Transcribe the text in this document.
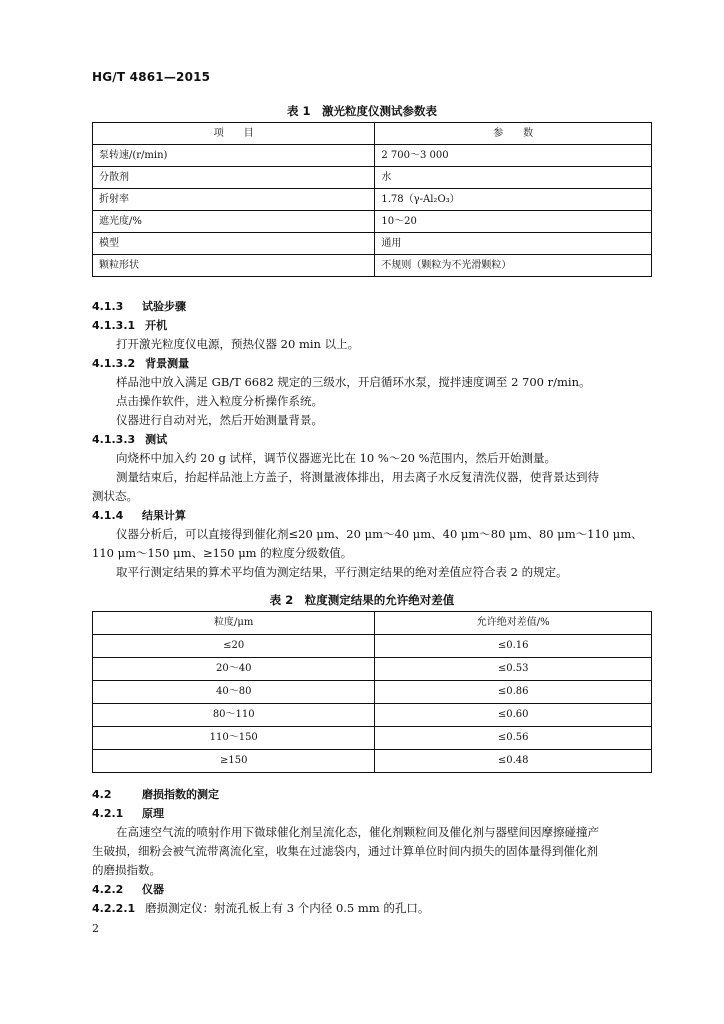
HG/T 4861—2015
表 1　激光粒度仪测试参数表
项　　目	参　　数
泵转速/(r/min)	2 700～3 000
分散剂	水
折射率	1.78（γ-Al₂O₃）
遮光度/%	10～20
模型	通用
颗粒形状	不规则（颗粒为不光滑颗粒）
4.1.3 试验步骤
4.1.3.1 开机
打开激光粒度仪电源，预热仪器 20 min 以上。
4.1.3.2 背景测量
样品池中放入满足 GB/T 6682 规定的三级水，开启循环水泵，搅拌速度调至 2 700 r/min。
点击操作软件，进入粒度分析操作系统。
仪器进行自动对光，然后开始测量背景。
4.1.3.3 测试
向烧杯中加入约 20 g 试样，调节仪器遮光比在 10 %～20 %范围内，然后开始测量。
测量结束后，抬起样品池上方盖子，将测量液体排出，用去离子水反复清洗仪器，使背景达到待
测状态。
4.1.4 结果计算
仪器分析后，可以直接得到催化剂≤20 μm、20 μm～40 μm、40 μm～80 μm、80 μm～110 μm、
110 μm～150 μm、≥150 μm 的粒度分级数值。
取平行测定结果的算术平均值为测定结果，平行测定结果的绝对差值应符合表 2 的规定。
表 2　粒度测定结果的允许绝对差值
粒度/μm	允许绝对差值/%
≤20	≤0.16
20～40	≤0.53
40～80	≤0.86
80～110	≤0.60
110～150	≤0.56
≥150	≤0.48
4.2	磨损指数的测定
4.2.1 原理
在高速空气流的喷射作用下微球催化剂呈流化态，催化剂颗粒间及催化剂与器壁间因摩擦碰撞产
生破损，细粉会被气流带离流化室，收集在过滤袋内，通过计算单位时间内损失的固体量得到催化剂
的磨损指数。
4.2.2 仪器
4.2.2.1 磨损测定仪：射流孔板上有 3 个内径 0.5 mm 的孔口。
2
